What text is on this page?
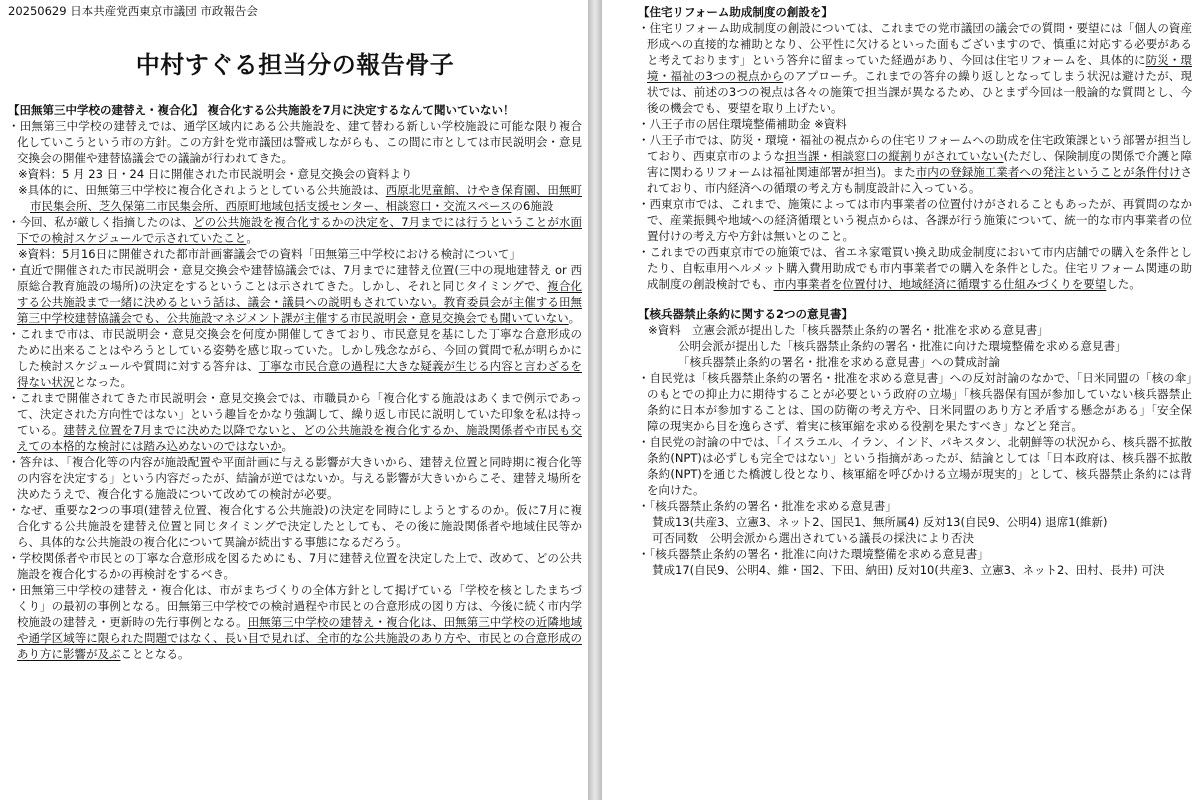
20250629 日本共産党西東京市議団 市政報告会
中村すぐる担当分の報告骨子

【田無第三中学校の建替え・複合化】 複合化する公共施設を7月に決定するなんて聞いていない！

・田無第三中学校の建替えでは、通学区域内にある公共施設を、建て替わる新しい学校施設に可能な限り複合化していこうという市の方針。この方針を党市議団は警戒しながらも、この間に市としては市民説明会・意見交換会の開催や建替協議会での議論が行われてきた。

※資料：5 月 23 日・24 日に開催された市民説明会・意見交換会の資料より

※具体的に、田無第三中学校に複合化されようとしている公共施設は、西原北児童館、けやき保育園、田無町市民集会所、芝久保第二市民集会所、西原町地域包括支援センター、相談窓口・交流スペースの6施設

・今回、私が厳しく指摘したのは、どの公共施設を複合化するかの決定を、7月までには行うということが水面下での検討スケジュールで示されていたこと。

※資料：5月16日に開催された都市計画審議会での資料「田無第三中学校における検討について」

・直近で開催された市民説明会・意見交換会や建替協議会では、7月までに建替え位置(三中の現地建替え or 西原総合教育施設の場所)の決定をするということは示されてきた。しかし、それと同じタイミングで、複合化する公共施設まで一緒に決めるという話は、議会・議員への説明もされていない。教育委員会が主催する田無第三中学校建替協議会でも、公共施設マネジメント課が主催する市民説明会・意見交換会でも聞いていない。

・これまで市は、市民説明会・意見交換会を何度か開催してきており、市民意見を基にした丁寧な合意形成のために出来ることはやろうとしている姿勢を感じ取っていた。しかし残念ながら、今回の質問で私が明らかにした検討スケジュールや質問に対する答弁は、丁寧な市民合意の過程に大きな疑義が生じる内容と言わざるを得ない状況となった。

・これまで開催されてきた市民説明会・意見交換会では、市職員から「複合化する施設はあくまで例示であって、決定された方向性ではない」という趣旨をかなり強調して、繰り返し市民に説明していた印象を私は持っている。建替え位置を7月までに決めた以降でないと、どの公共施設を複合化するか、施設関係者や市民も交えての本格的な検討には踏み込めないのではないか。

・答弁は、「複合化等の内容が施設配置や平面計画に与える影響が大きいから、建替え位置と同時期に複合化等の内容を決定する」という内容だったが、結論が逆ではないか。与える影響が大きいからこそ、建替え場所を決めたうえで、複合化する施設について改めての検討が必要。

・なぜ、重要な2つの事項(建替え位置、複合化する公共施設)の決定を同時にしようとするのか。仮に7月に複合化する公共施設を建替え位置と同じタイミングで決定したとしても、その後に施設関係者や地域住民等から、具体的な公共施設の複合化について異論が続出する事態になるだろう。

・学校関係者や市民との丁寧な合意形成を図るためにも、7月に建替え位置を決定した上で、改めて、どの公共施設を複合化するかの再検討をするべき。

・田無第三中学校の建替え・複合化は、市がまちづくりの全体方針として掲げている「学校を核としたまちづくり」の最初の事例となる。田無第三中学校での検討過程や市民との合意形成の図り方は、今後に続く市内学校施設の建替え・更新時の先行事例となる。田無第三中学校の建替え・複合化は、田無第三中学校の近隣地域や通学区域等に限られた問題ではなく、長い目で見れば、全市的な公共施設のあり方や、市民との合意形成のあり方に影響が及ぶこととなる。

【住宅リフォーム助成制度の創設を】

・住宅リフォーム助成制度の創設については、これまでの党市議団の議会での質問・要望には「個人の資産形成への直接的な補助となり、公平性に欠けるといった面もございますので、慎重に対応する必要があると考えております」という答弁に留まっていた経過があり、今回は住宅リフォームを、具体的に防災・環境・福祉の3つの視点からのアプローチ。これまでの答弁の繰り返しとなってしまう状況は避けたが、現状では、前述の3つの視点は各々の施策で担当課が異なるため、ひとまず今回は一般論的な質問とし、今後の機会でも、要望を取り上げたい。

・八王子市の居住環境整備補助金 ※資料

・八王子市では、防災・環境・福祉の視点からの住宅リフォームへの助成を住宅政策課という部署が担当しており、西東京市のような担当課・相談窓口の縦割りがされていない(ただし、保険制度の関係で介護と障害に関わるリフォームは福祉関連部署が担当)。また市内の登録施工業者への発注ということが条件付けされており、市内経済への循環の考え方も制度設計に入っている。

・西東京市では、これまで、施策によっては市内事業者の位置付けがされることもあったが、再質問のなかで、産業振興や地域への経済循環という視点からは、各課が行う施策について、統一的な市内事業者の位置付けの考え方や方針は無いとのこと。

・これまでの西東京市での施策では、省エネ家電買い換え助成金制度において市内店舗での購入を条件としたり、自転車用ヘルメット購入費用助成でも市内事業者での購入を条件とした。住宅リフォーム関連の助成制度の創設検討でも、市内事業者を位置付け、地域経済に循環する仕組みづくりを要望した。

【核兵器禁止条約に関する2つの意見書】

※資料　立憲会派が提出した「核兵器禁止条約の署名・批准を求める意見書」

公明会派が提出した「核兵器禁止条約の署名・批准に向けた環境整備を求める意見書」

「核兵器禁止条約の署名・批准を求める意見書」への賛成討論

・自民党は「核兵器禁止条約の署名・批准を求める意見書」への反対討論のなかで、「日米同盟の「核の傘」のもとでの抑止力に期待することが必要という政府の立場」「核兵器保有国が参加していない核兵器禁止条約に日本が参加することは、国の防衛の考え方や、日米同盟のあり方と矛盾する懸念がある」「安全保障の現実から目を逸らさず、着実に核軍縮を求める役割を果たすべき」などと発言。

・自民党の討論の中では、「イスラエル、イラン、インド、パキスタン、北朝鮮等の状況から、核兵器不拡散条約(NPT)は必ずしも完全ではない」という指摘があったが、結論としては「日本政府は、核兵器不拡散条約(NPT)を通じた橋渡し役となり、核軍縮を呼びかける立場が現実的」として、核兵器禁止条約には背を向けた。

・「核兵器禁止条約の署名・批准を求める意見書」

賛成13(共産3、立憲3、ネット2、国民1、無所属4) 反対13(自民9、公明4) 退席1(維新)

可否同数　公明会派から選出されている議長の採決により否決

・「核兵器禁止条約の署名・批准に向けた環境整備を求める意見書」

賛成17(自民9、公明4、維・国2、下田、納田) 反対10(共産3、立憲3、ネット2、田村、長井) 可決
